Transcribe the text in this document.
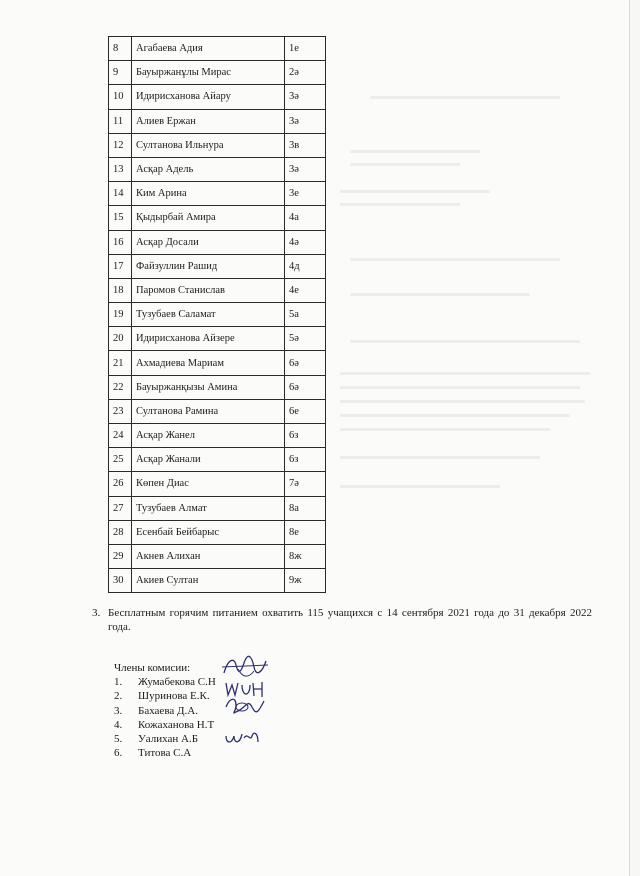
8	Агабаева Адия	1е
9	Бауыржанұлы Мирас	2ә
10	Идирисханова Айару	3ә
11	Алиев Ержан	3ә
12	Султанова Ильнура	3в
13	Асқар Адель	3ә
14	Ким Арина	3е
15	Қыдырбай Амира	4а
16	Асқар Досали	4ә
17	Файзуллин Рашид	4д
18	Паромов Станислав	4е
19	Тузубаев Саламат	5а
20	Идирисханова Айзере	5ә
21	Ахмадиева Мариам	6ә
22	Бауыржанқызы Амина	6ә
23	Султанова Рамина	6е
24	Асқар Жанел	6з
25	Асқар Жанали	6з
26	Көпен Диас	7ә
27	Тузубаев Алмат	8а
28	Есенбай Бейбарыс	8е
29	Акнев Алихан	8ж
30	Акиев Султан	9ж
3. Бесплатным горячим питанием охватить 115 учащихся с 14 сентября 2021 года до 31 декабря 2022 года.
Члены комисии:
1.	Жумабекова С.Н
2.	Шуринова Е.К.
3.	Бахаева Д.А.
4.	Кожаханова Н.Т
5.	Уалихан А.Б
6.	Титова С.А
